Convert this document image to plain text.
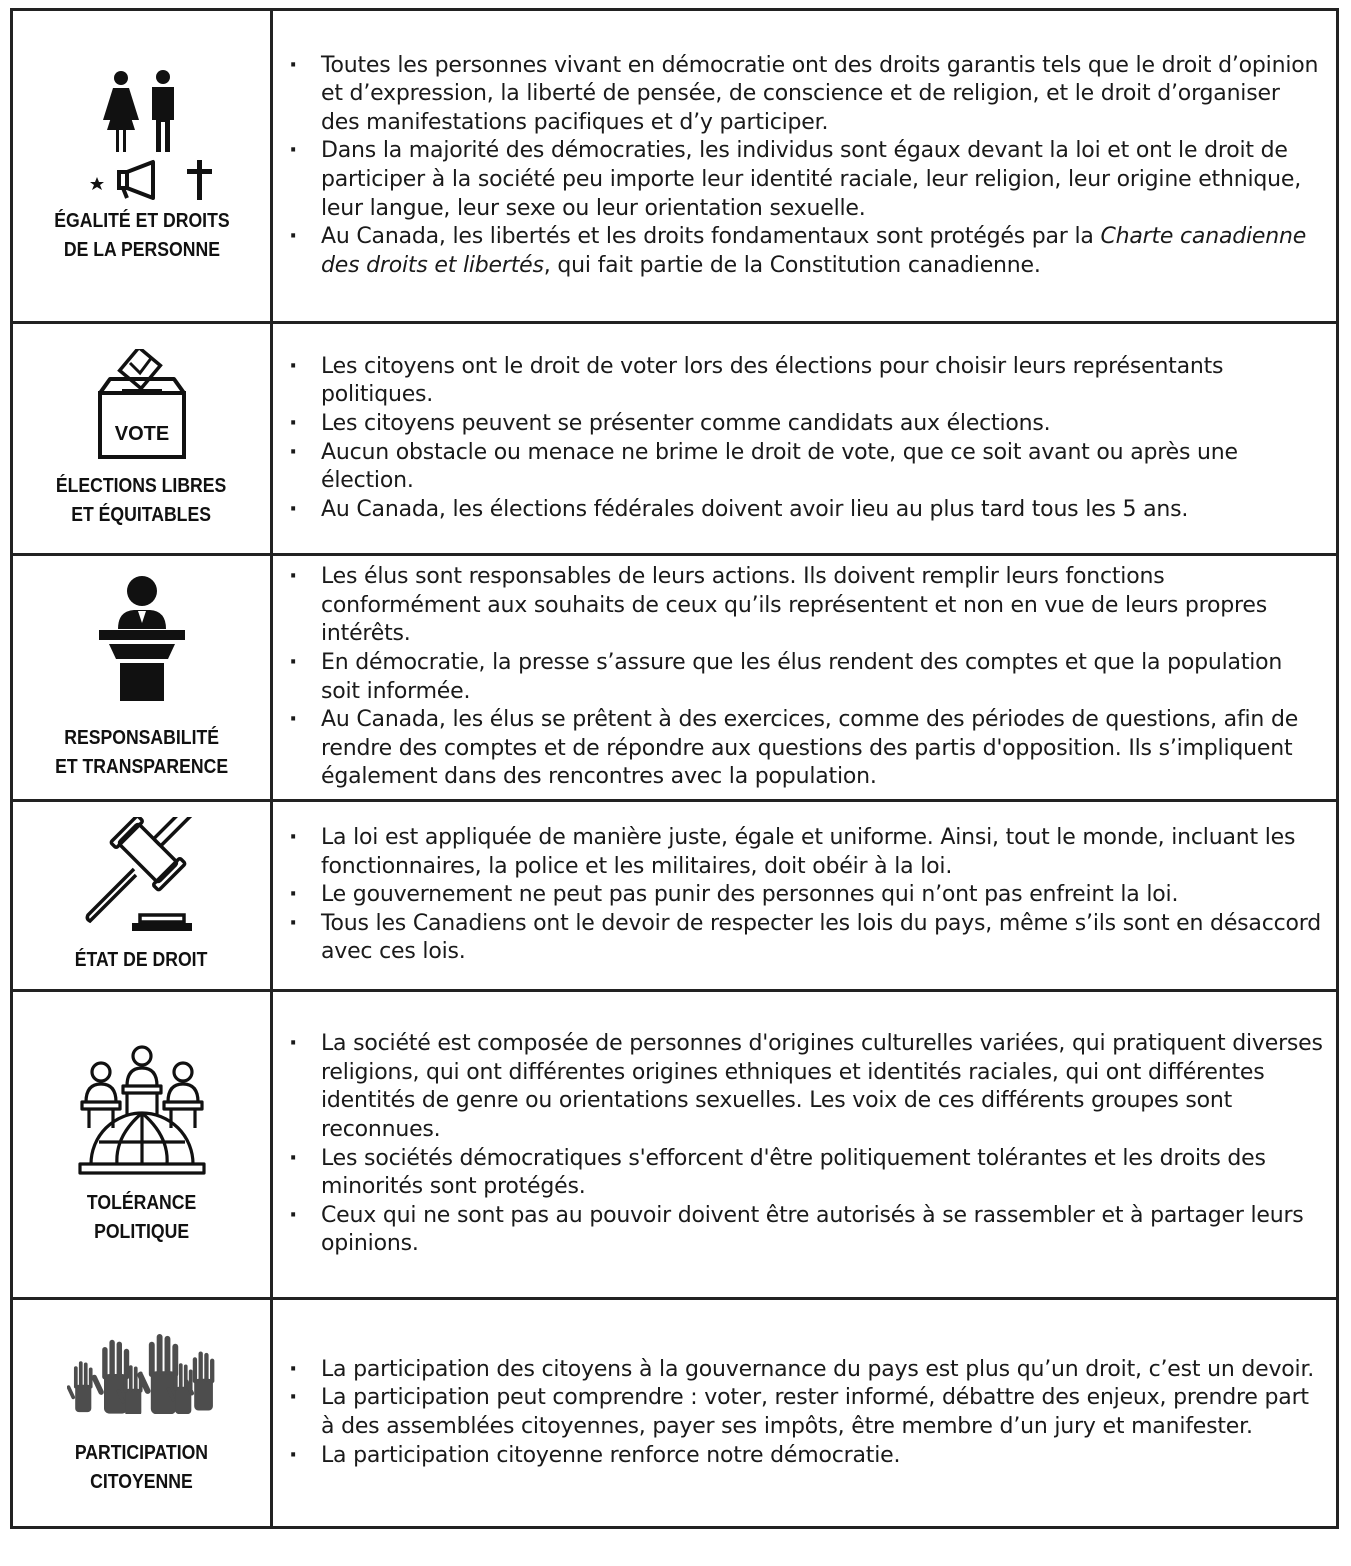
ÉGALITÉ ET DROITS
DE LA PERSONNE
· Toutes les personnes vivant en démocratie ont des droits garantis tels que le droit d’opinion et d’expression, la liberté de pensée, de conscience et de religion, et le droit d’organiser des manifestations pacifiques et d’y participer.
· Dans la majorité des démocraties, les individus sont égaux devant la loi et ont le droit de participer à la société peu importe leur identité raciale, leur religion, leur origine ethnique, leur langue, leur sexe ou leur orientation sexuelle.
· Au Canada, les libertés et les droits fondamentaux sont protégés par la Charte canadienne des droits et libertés, qui fait partie de la Constitution canadienne.
VOTE
ÉLECTIONS LIBRES
ET ÉQUITABLES
· Les citoyens ont le droit de voter lors des élections pour choisir leurs représentants politiques.
· Les citoyens peuvent se présenter comme candidats aux élections.
· Aucun obstacle ou menace ne brime le droit de vote, que ce soit avant ou après une élection.
· Au Canada, les élections fédérales doivent avoir lieu au plus tard tous les 5 ans.
RESPONSABILITÉ
ET TRANSPARENCE
· Les élus sont responsables de leurs actions. Ils doivent remplir leurs fonctions conformément aux souhaits de ceux qu’ils représentent et non en vue de leurs propres intérêts.
· En démocratie, la presse s’assure que les élus rendent des comptes et que la population soit informée.
· Au Canada, les élus se prêtent à des exercices, comme des périodes de questions, afin de rendre des comptes et de répondre aux questions des partis d'opposition. Ils s’impliquent également dans des rencontres avec la population.
ÉTAT DE DROIT
· La loi est appliquée de manière juste, égale et uniforme. Ainsi, tout le monde, incluant les fonctionnaires, la police et les militaires, doit obéir à la loi.
· Le gouvernement ne peut pas punir des personnes qui n’ont pas enfreint la loi.
· Tous les Canadiens ont le devoir de respecter les lois du pays, même s’ils sont en désaccord avec ces lois.
TOLÉRANCE
POLITIQUE
· La société est composée de personnes d'origines culturelles variées, qui pratiquent diverses religions, qui ont différentes origines ethniques et identités raciales, qui ont différentes identités de genre ou orientations sexuelles. Les voix de ces différents groupes sont reconnues.
· Les sociétés démocratiques s'efforcent d'être politiquement tolérantes et les droits des minorités sont protégés.
· Ceux qui ne sont pas au pouvoir doivent être autorisés à se rassembler et à partager leurs opinions.
PARTICIPATION
CITOYENNE
· La participation des citoyens à la gouvernance du pays est plus qu’un droit, c’est un devoir.
· La participation peut comprendre : voter, rester informé, débattre des enjeux, prendre part à des assemblées citoyennes, payer ses impôts, être membre d’un jury et manifester.
· La participation citoyenne renforce notre démocratie.
